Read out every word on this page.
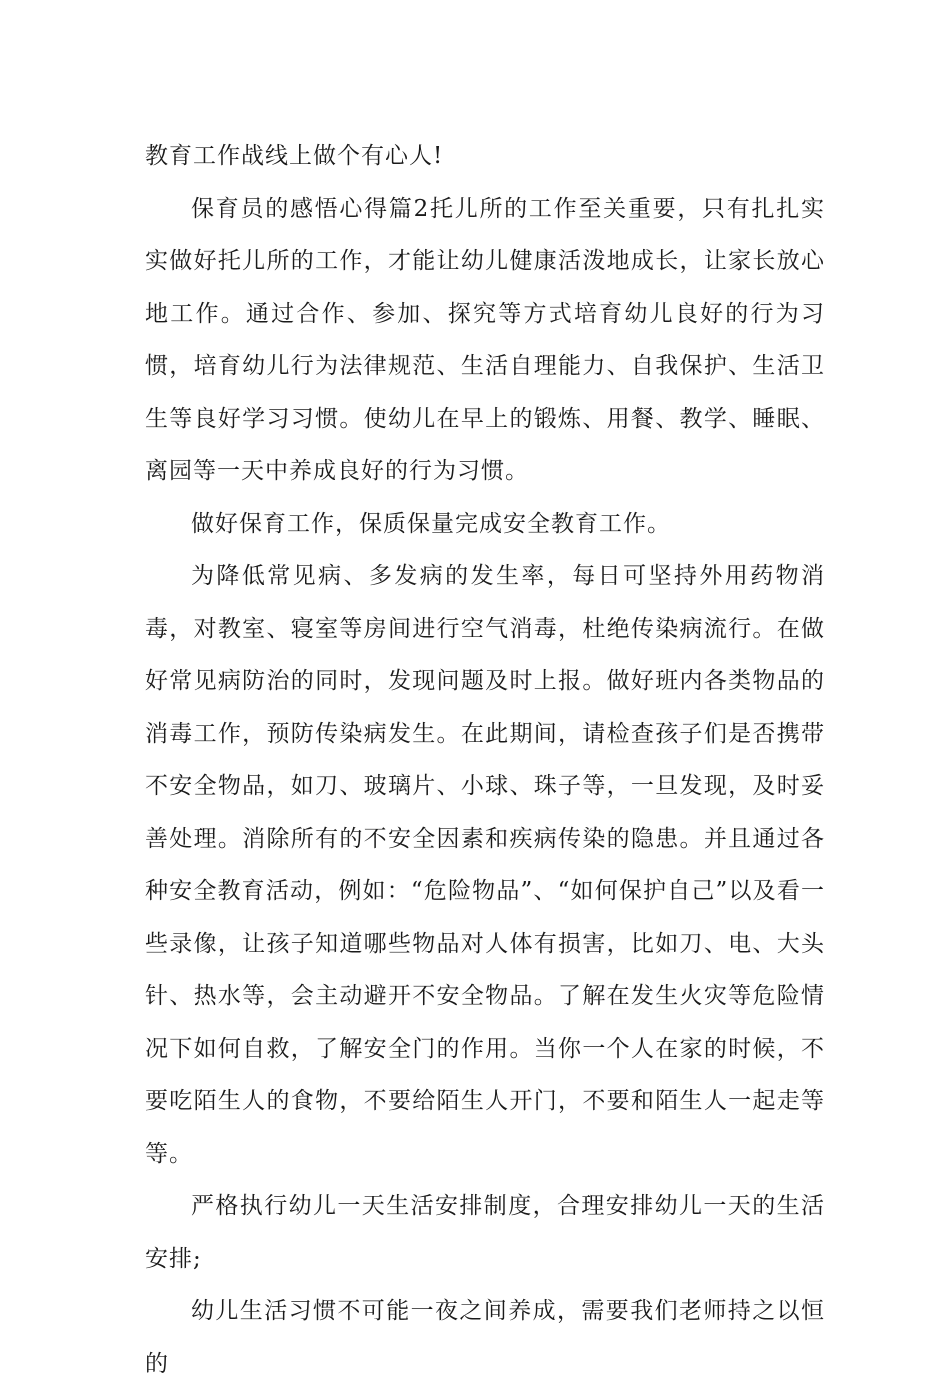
教育工作战线上做个有心人!

保育员的感悟心得篇2托儿所的工作至关重要，只有扎扎实实做好托儿所的工作，才能让幼儿健康活泼地成长，让家长放心地工作。通过合作、参加、探究等方式培育幼儿良好的行为习惯，培育幼儿行为法律规范、生活自理能力、自我保护、生活卫生等良好学习习惯。使幼儿在早上的锻炼、用餐、教学、睡眠、离园等一天中养成良好的行为习惯。

做好保育工作，保质保量完成安全教育工作。

为降低常见病、多发病的发生率，每日可坚持外用药物消毒，对教室、寝室等房间进行空气消毒，杜绝传染病流行。在做好常见病防治的同时，发现问题及时上报。做好班内各类物品的消毒工作，预防传染病发生。在此期间，请检查孩子们是否携带不安全物品，如刀、玻璃片、小球、珠子等，一旦发现，及时妥善处理。消除所有的不安全因素和疾病传染的隐患。并且通过各种安全教育活动，例如：“危险物品”、“如何保护自己”以及看一些录像，让孩子知道哪些物品对人体有损害，比如刀、电、大头针、热水等，会主动避开不安全物品。了解在发生火灾等危险情况下如何自救，了解安全门的作用。当你一个人在家的时候，不要吃陌生人的食物，不要给陌生人开门，不要和陌生人一起走等等。

严格执行幼儿一天生活安排制度，合理安排幼儿一天的生活安排;

幼儿生活习惯不可能一夜之间养成，需要我们老师持之以恒的
